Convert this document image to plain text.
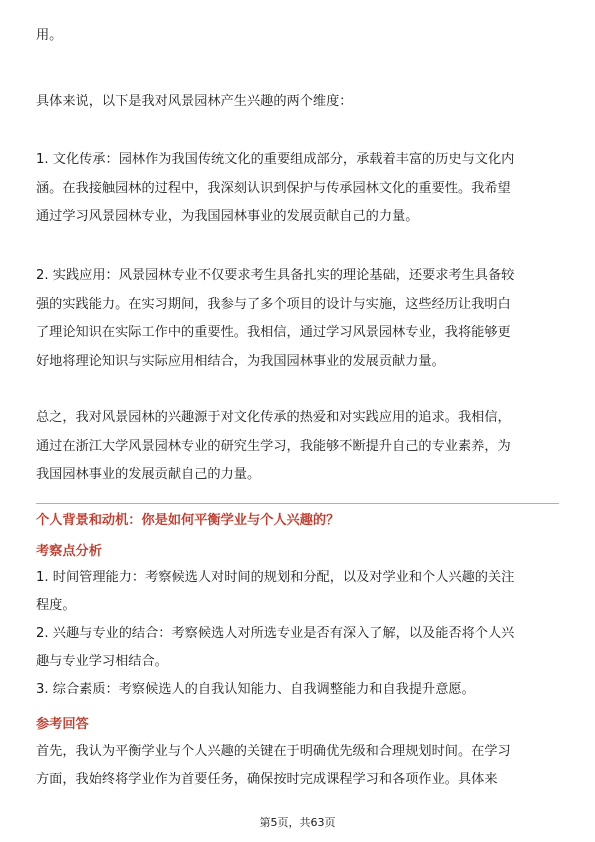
用。

具体来说，以下是我对风景园林产生兴趣的两个维度：

1. 文化传承：园林作为我国传统文化的重要组成部分，承载着丰富的历史与文化内
涵。在我接触园林的过程中，我深刻认识到保护与传承园林文化的重要性。我希望
通过学习风景园林专业，为我国园林事业的发展贡献自己的力量。

2. 实践应用：风景园林专业不仅要求考生具备扎实的理论基础，还要求考生具备较
强的实践能力。在实习期间，我参与了多个项目的设计与实施，这些经历让我明白
了理论知识在实际工作中的重要性。我相信，通过学习风景园林专业，我将能够更
好地将理论知识与实际应用相结合，为我国园林事业的发展贡献力量。

总之，我对风景园林的兴趣源于对文化传承的热爱和对实践应用的追求。我相信，
通过在浙江大学风景园林专业的研究生学习，我能够不断提升自己的专业素养，为
我国园林事业的发展贡献自己的力量。

个人背景和动机：你是如何平衡学业与个人兴趣的？
考察点分析

1. 时间管理能力：考察候选人对时间的规划和分配，以及对学业和个人兴趣的关注
程度。
2. 兴趣与专业的结合：考察候选人对所选专业是否有深入了解，以及能否将个人兴
趣与专业学习相结合。
3. 综合素质：考察候选人的自我认知能力、自我调整能力和自我提升意愿。

参考回答

首先，我认为平衡学业与个人兴趣的关键在于明确优先级和合理规划时间。在学习
方面，我始终将学业作为首要任务，确保按时完成课程学习和各项作业。具体来

第5页，共63页
